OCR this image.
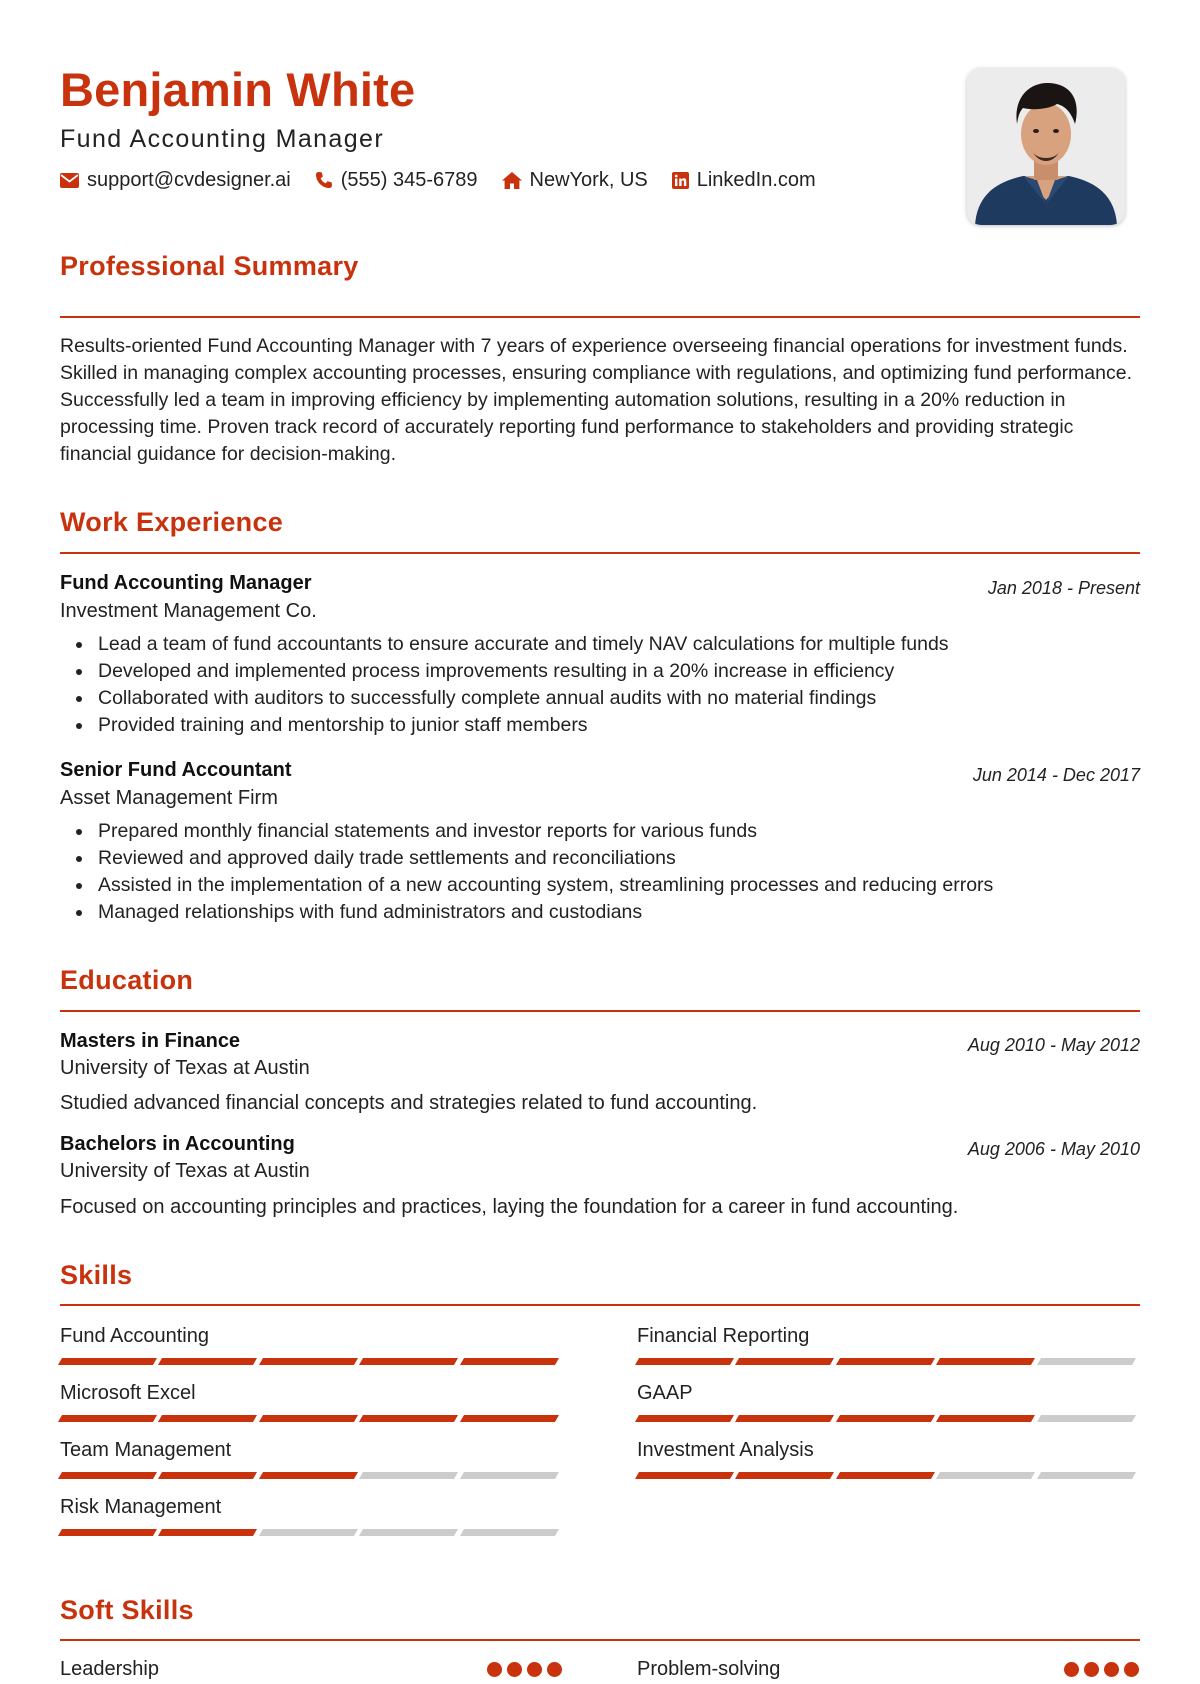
Benjamin White
Fund Accounting Manager
support@cvdesigner.ai	(555) 345-6789	NewYork, US LinkedIn.com
Professional Summary
Results-oriented Fund Accounting Manager with 7 years of experience overseeing financial operations for investment funds. Skilled in managing complex accounting processes, ensuring compliance with regulations, and optimizing fund performance. Successfully led a team in improving efficiency by implementing automation solutions, resulting in a 20% reduction in processing time. Proven track record of accurately reporting fund performance to stakeholders and providing strategic financial guidance for decision-making.
Work Experience
Fund Accounting Manager	Jan 2018 - Present
Investment Management Co.
Lead a team of fund accountants to ensure accurate and timely NAV calculations for multiple funds
Developed and implemented process improvements resulting in a 20% increase in efficiency
Collaborated with auditors to successfully complete annual audits with no material findings
Provided training and mentorship to junior staff members
Senior Fund Accountant	Jun 2014 - Dec 2017
Asset Management Firm
Prepared monthly financial statements and investor reports for various funds
Reviewed and approved daily trade settlements and reconciliations
Assisted in the implementation of a new accounting system, streamlining processes and reducing errors
Managed relationships with fund administrators and custodians
Education
Masters in Finance	Aug 2010 - May 2012
University of Texas at Austin
Studied advanced financial concepts and strategies related to fund accounting.
Bachelors in Accounting	Aug 2006 - May 2010
University of Texas at Austin
Focused on accounting principles and practices, laying the foundation for a career in fund accounting.
Skills
Fund Accounting	Financial Reporting
Microsoft Excel	GAAP
Team Management	Investment Analysis
Risk Management
Soft Skills
Leadership	Problem-solving
